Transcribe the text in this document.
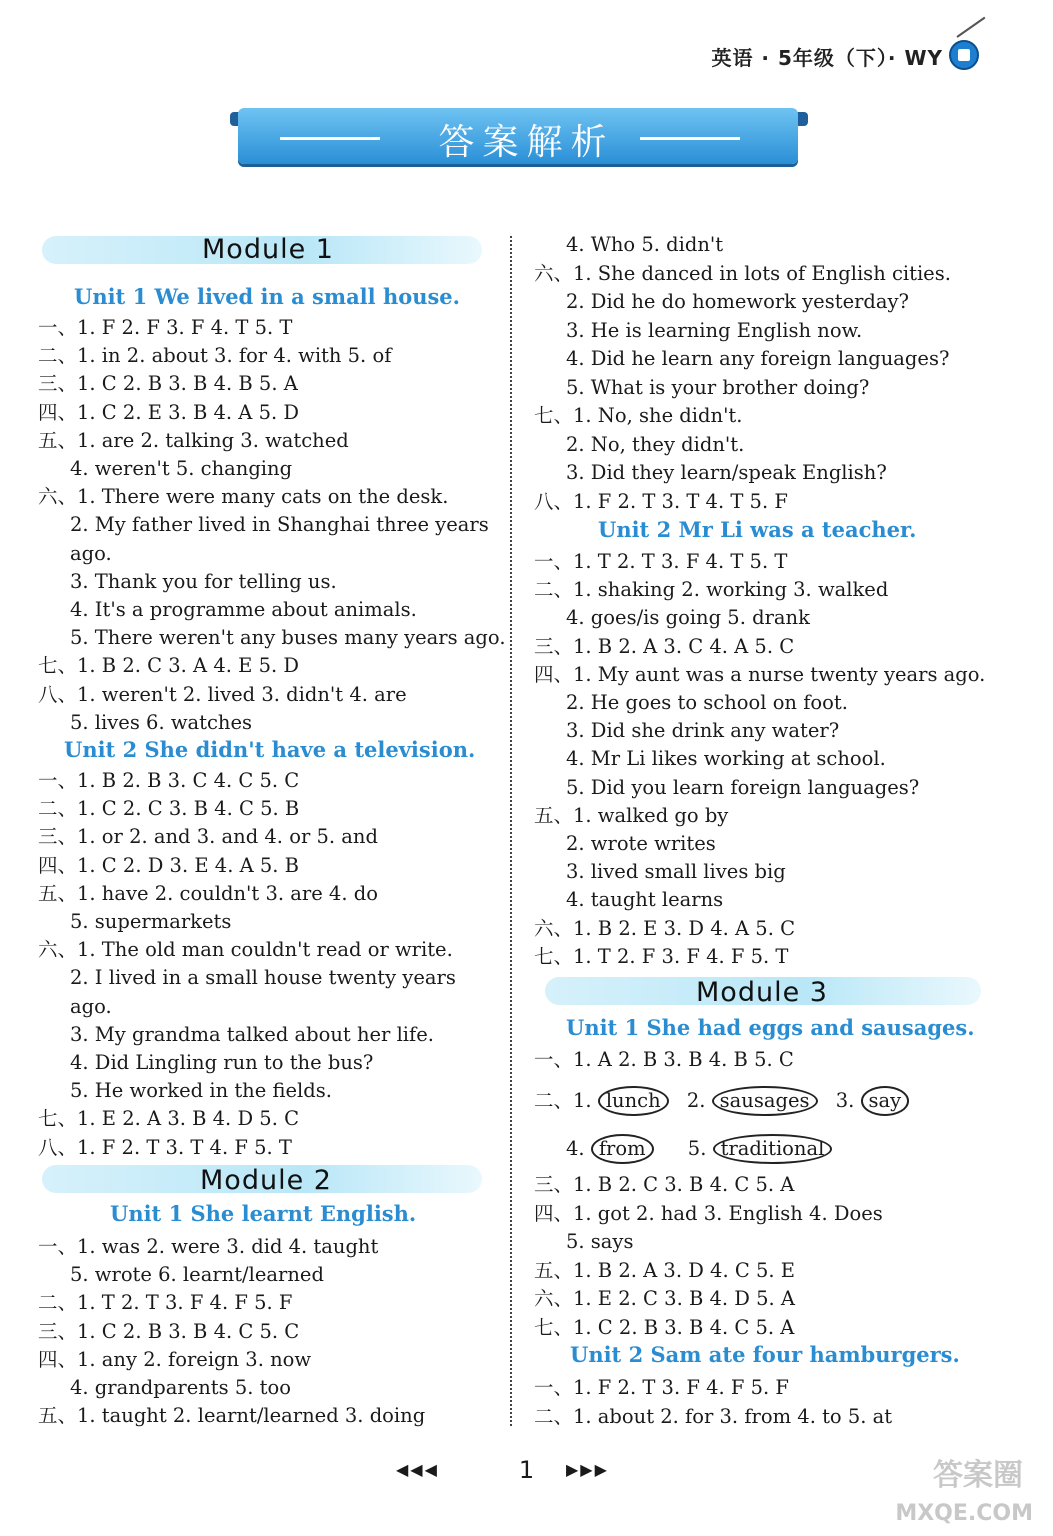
英语 · 5年级（下）· WY
答案解析
Module 1
Unit 1 We lived in a small house.
一、1. F 2. F 3. F 4. T 5. T
二、1. in 2. about 3. for 4. with 5. of
三、1. C 2. B 3. B 4. B 5. A
四、1. C 2. E 3. B 4. A 5. D
五、1. are 2. talking 3. watched
4. weren't 5. changing
六、1. There were many cats on the desk.
2. My father lived in Shanghai three years
ago.
3. Thank you for telling us.
4. It's a programme about animals.
5. There weren't any buses many years ago.
七、1. B 2. C 3. A 4. E 5. D
八、1. weren't 2. lived 3. didn't 4. are
5. lives 6. watches
Unit 2 She didn't have a television.
一、1. B 2. B 3. C 4. C 5. C
二、1. C 2. C 3. B 4. C 5. B
三、1. or 2. and 3. and 4. or 5. and
四、1. C 2. D 3. E 4. A 5. B
五、1. have 2. couldn't 3. are 4. do
5. supermarkets
六、1. The old man couldn't read or write.
2. I lived in a small house twenty years
ago.
3. My grandma talked about her life.
4. Did Lingling run to the bus?
5. He worked in the fields.
七、1. E 2. A 3. B 4. D 5. C
八、1. F 2. T 3. T 4. F 5. T
Module 2
Unit 1 She learnt English.
一、1. was 2. were 3. did 4. taught
5. wrote 6. learnt/learned
二、1. T 2. T 3. F 4. F 5. F
三、1. C 2. B 3. B 4. C 5. C
四、1. any 2. foreign 3. now
4. grandparents 5. too
五、1. taught 2. learnt/learned 3. doing
4. Who 5. didn't
六、1. She danced in lots of English cities.
2. Did he do homework yesterday?
3. He is learning English now.
4. Did he learn any foreign languages?
5. What is your brother doing?
七、1. No, she didn't.
2. No, they didn't.
3. Did they learn/speak English?
八、1. F 2. T 3. T 4. T 5. F
Unit 2 Mr Li was a teacher.
一、1. T 2. T 3. F 4. T 5. T
二、1. shaking 2. working 3. walked
4. goes/is going 5. drank
三、1. B 2. A 3. C 4. A 5. C
四、1. My aunt was a nurse twenty years ago.
2. He goes to school on foot.
3. Did she drink any water?
4. Mr Li likes working at school.
5. Did you learn foreign languages?
五、1. walked go by
2. wrote writes
3. lived small lives big
4. taught learns
六、1. B 2. E 3. D 4. A 5. C
七、1. T 2. F 3. F 4. F 5. T
Module 3
Unit 1 She had eggs and sausages.
一、1. A 2. B 3. B 4. B 5. C
二、1. lunch 2. sausages 3. say
4. from 5. traditional
三、1. B 2. C 3. B 4. C 5. A
四、1. got 2. had 3. English 4. Does
5. says
五、1. B 2. A 3. D 4. C 5. E
六、1. E 2. C 3. B 4. D 5. A
七、1. C 2. B 3. B 4. C 5. A
Unit 2 Sam ate four hamburgers.
一、1. F 2. T 3. F 4. F 5. F
二、1. about 2. for 3. from 4. to 5. at
◀◀◀	1	▶▶▶	答案圈
MXQE.COM
